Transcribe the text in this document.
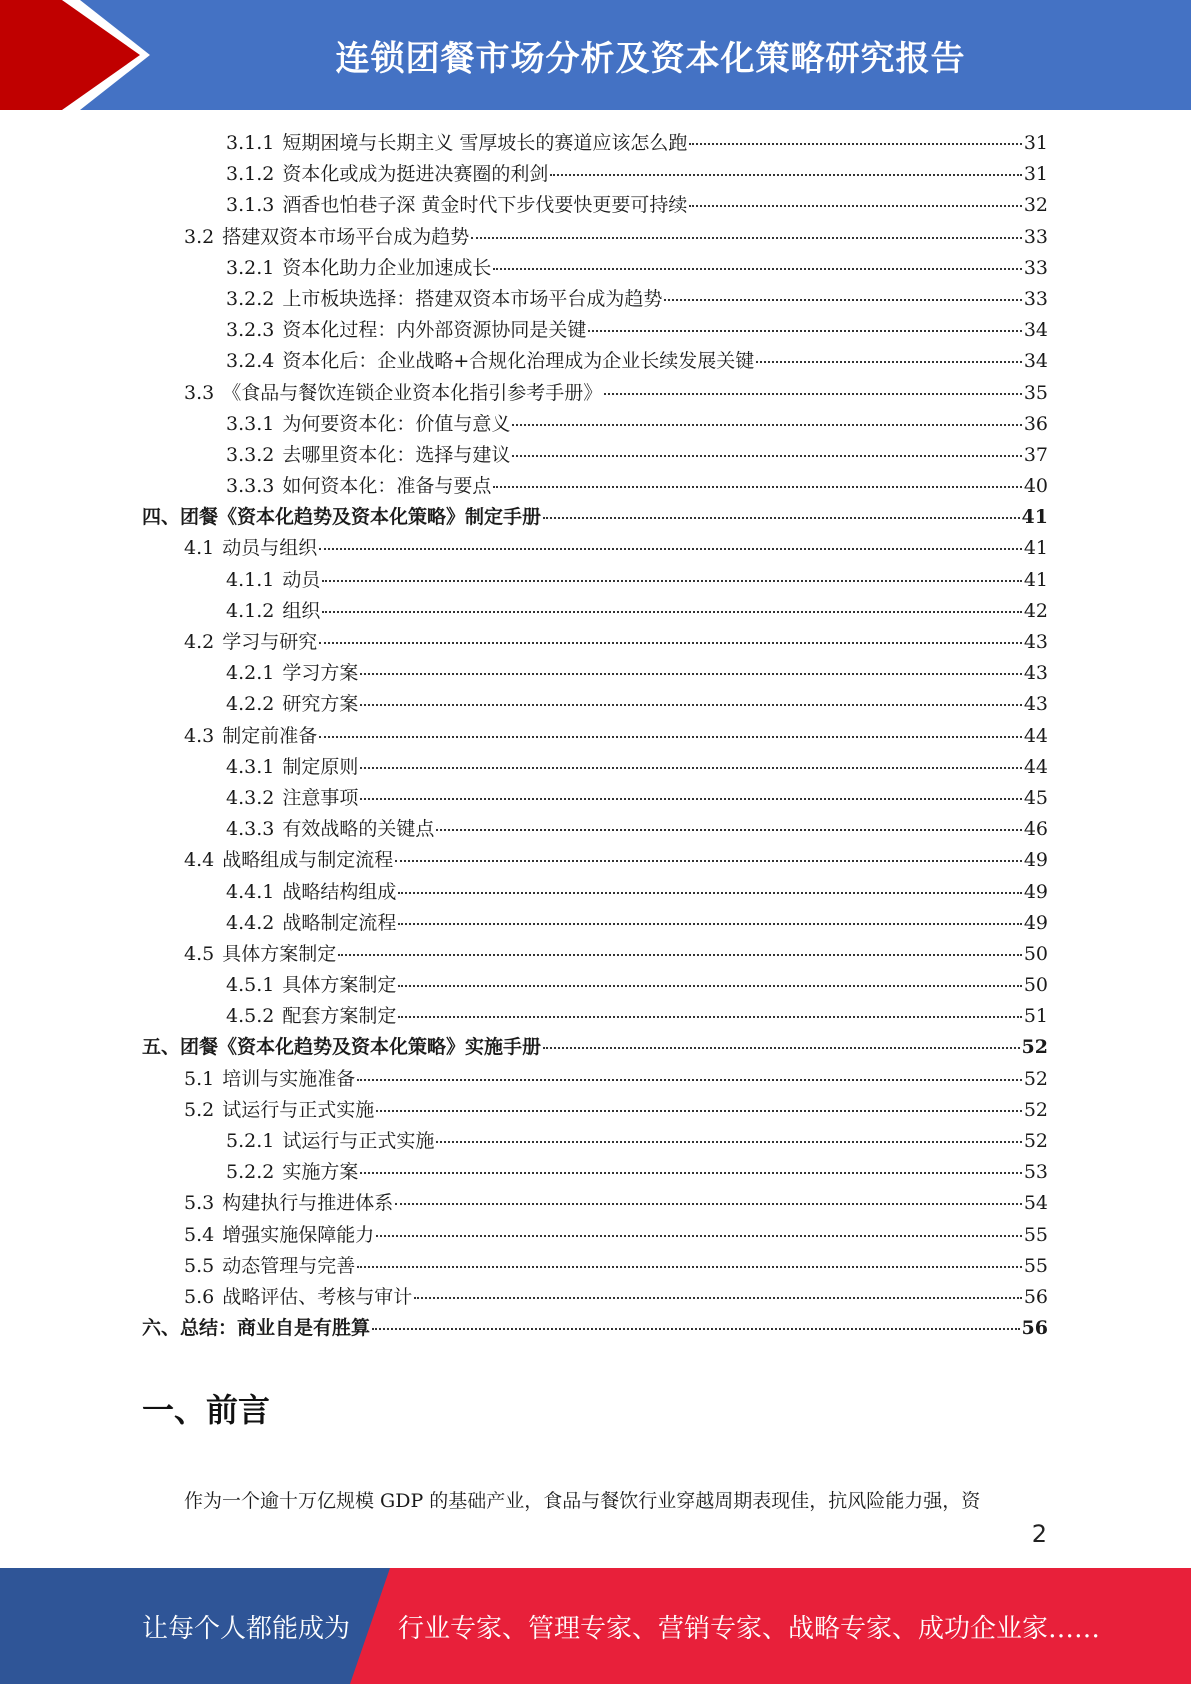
连锁团餐市场分析及资本化策略研究报告
3.1.1 短期困境与长期主义 雪厚坡长的赛道应该怎么跑	31
3.1.2 资本化或成为挺进决赛圈的利剑	31
3.1.3 酒香也怕巷子深 黄金时代下步伐要快更要可持续	32
3.2 搭建双资本市场平台成为趋势	33
3.2.1 资本化助力企业加速成长	33
3.2.2 上市板块选择：搭建双资本市场平台成为趋势	33
3.2.3 资本化过程：内外部资源协同是关键	34
3.2.4 资本化后：企业战略+合规化治理成为企业长续发展关键	34
3.3 《食品与餐饮连锁企业资本化指引参考手册》	35
3.3.1 为何要资本化：价值与意义	36
3.3.2 去哪里资本化：选择与建议	37
3.3.3 如何资本化：准备与要点	40
四、团餐《资本化趋势及资本化策略》制定手册	41
4.1 动员与组织	41
4.1.1 动员	41
4.1.2 组织	42
4.2 学习与研究	43
4.2.1 学习方案	43
4.2.2 研究方案	43
4.3 制定前准备	44
4.3.1 制定原则	44
4.3.2 注意事项	45
4.3.3 有效战略的关键点	46
4.4 战略组成与制定流程	49
4.4.1 战略结构组成	49
4.4.2 战略制定流程	49
4.5 具体方案制定	50
4.5.1 具体方案制定	50
4.5.2 配套方案制定	51
五、团餐《资本化趋势及资本化策略》实施手册	52
5.1 培训与实施准备	52
5.2 试运行与正式实施	52
5.2.1 试运行与正式实施	52
5.2.2 实施方案	53
5.3 构建执行与推进体系	54
5.4 增强实施保障能力	55
5.5 动态管理与完善	55
5.6 战略评估、考核与审计	56
六、总结：商业自是有胜算	56
一、前言
作为一个逾十万亿规模 GDP 的基础产业，食品与餐饮行业穿越周期表现佳，抗风险能力强，资
2
让每个人都能成为 行业专家、管理专家、营销专家、战略专家、成功企业家……
